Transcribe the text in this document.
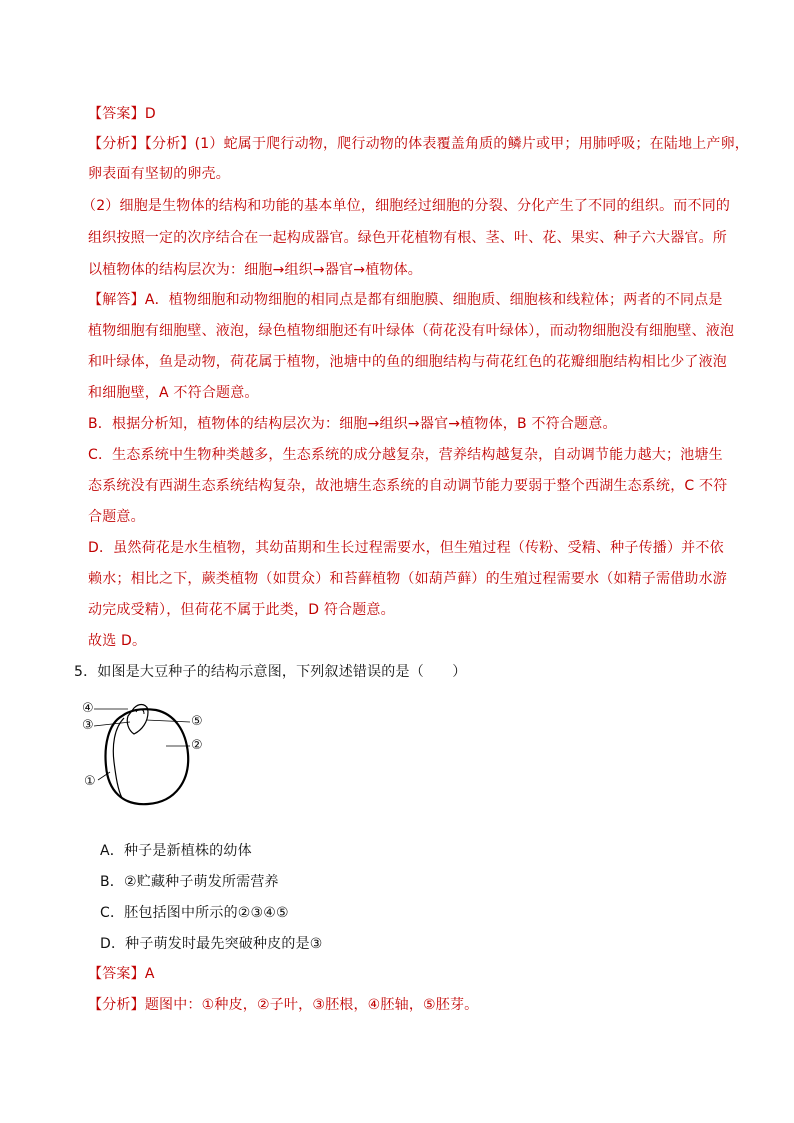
【答案】D
【分析】【分析】(1）蛇属于爬行动物，爬行动物的体表覆盖角质的鳞片或甲；用肺呼吸；在陆地上产卵，
卵表面有坚韧的卵壳。
（2）细胞是生物体的结构和功能的基本单位，细胞经过细胞的分裂、分化产生了不同的组织。而不同的
组织按照一定的次序结合在一起构成器官。绿色开花植物有根、茎、叶、花、果实、种子六大器官。所
以植物体的结构层次为：细胞→组织→器官→植物体。
【解答】A．植物细胞和动物细胞的相同点是都有细胞膜、细胞质、细胞核和线粒体；两者的不同点是
植物细胞有细胞壁、液泡，绿色植物细胞还有叶绿体（荷花没有叶绿体），而动物细胞没有细胞壁、液泡
和叶绿体，鱼是动物，荷花属于植物，池塘中的鱼的细胞结构与荷花红色的花瓣细胞结构相比少了液泡
和细胞壁，A 不符合题意。
B．根据分析知，植物体的结构层次为：细胞→组织→器官→植物体，B 不符合题意。
C．生态系统中生物种类越多，生态系统的成分越复杂，营养结构越复杂，自动调节能力越大；池塘生
态系统没有西湖生态系统结构复杂，故池塘生态系统的自动调节能力要弱于整个西湖生态系统，C 不符
合题意。
D．虽然荷花是水生植物，其幼苗期和生长过程需要水，但生殖过程（传粉、受精、种子传播）并不依
赖水；相比之下，蕨类植物（如贯众）和苔藓植物（如葫芦藓）的生殖过程需要水（如精子需借助水游
动完成受精），但荷花不属于此类，D 符合题意。
故选 D。
5．如图是大豆种子的结构示意图，下列叙述错误的是（　　）
④
③	⑤
②
①
A．种子是新植株的幼体
B．②贮藏种子萌发所需营养
C．胚包括图中所示的②③④⑤
D．种子萌发时最先突破种皮的是③
【答案】A
【分析】题图中：①种皮，②子叶，③胚根，④胚轴，⑤胚芽。
